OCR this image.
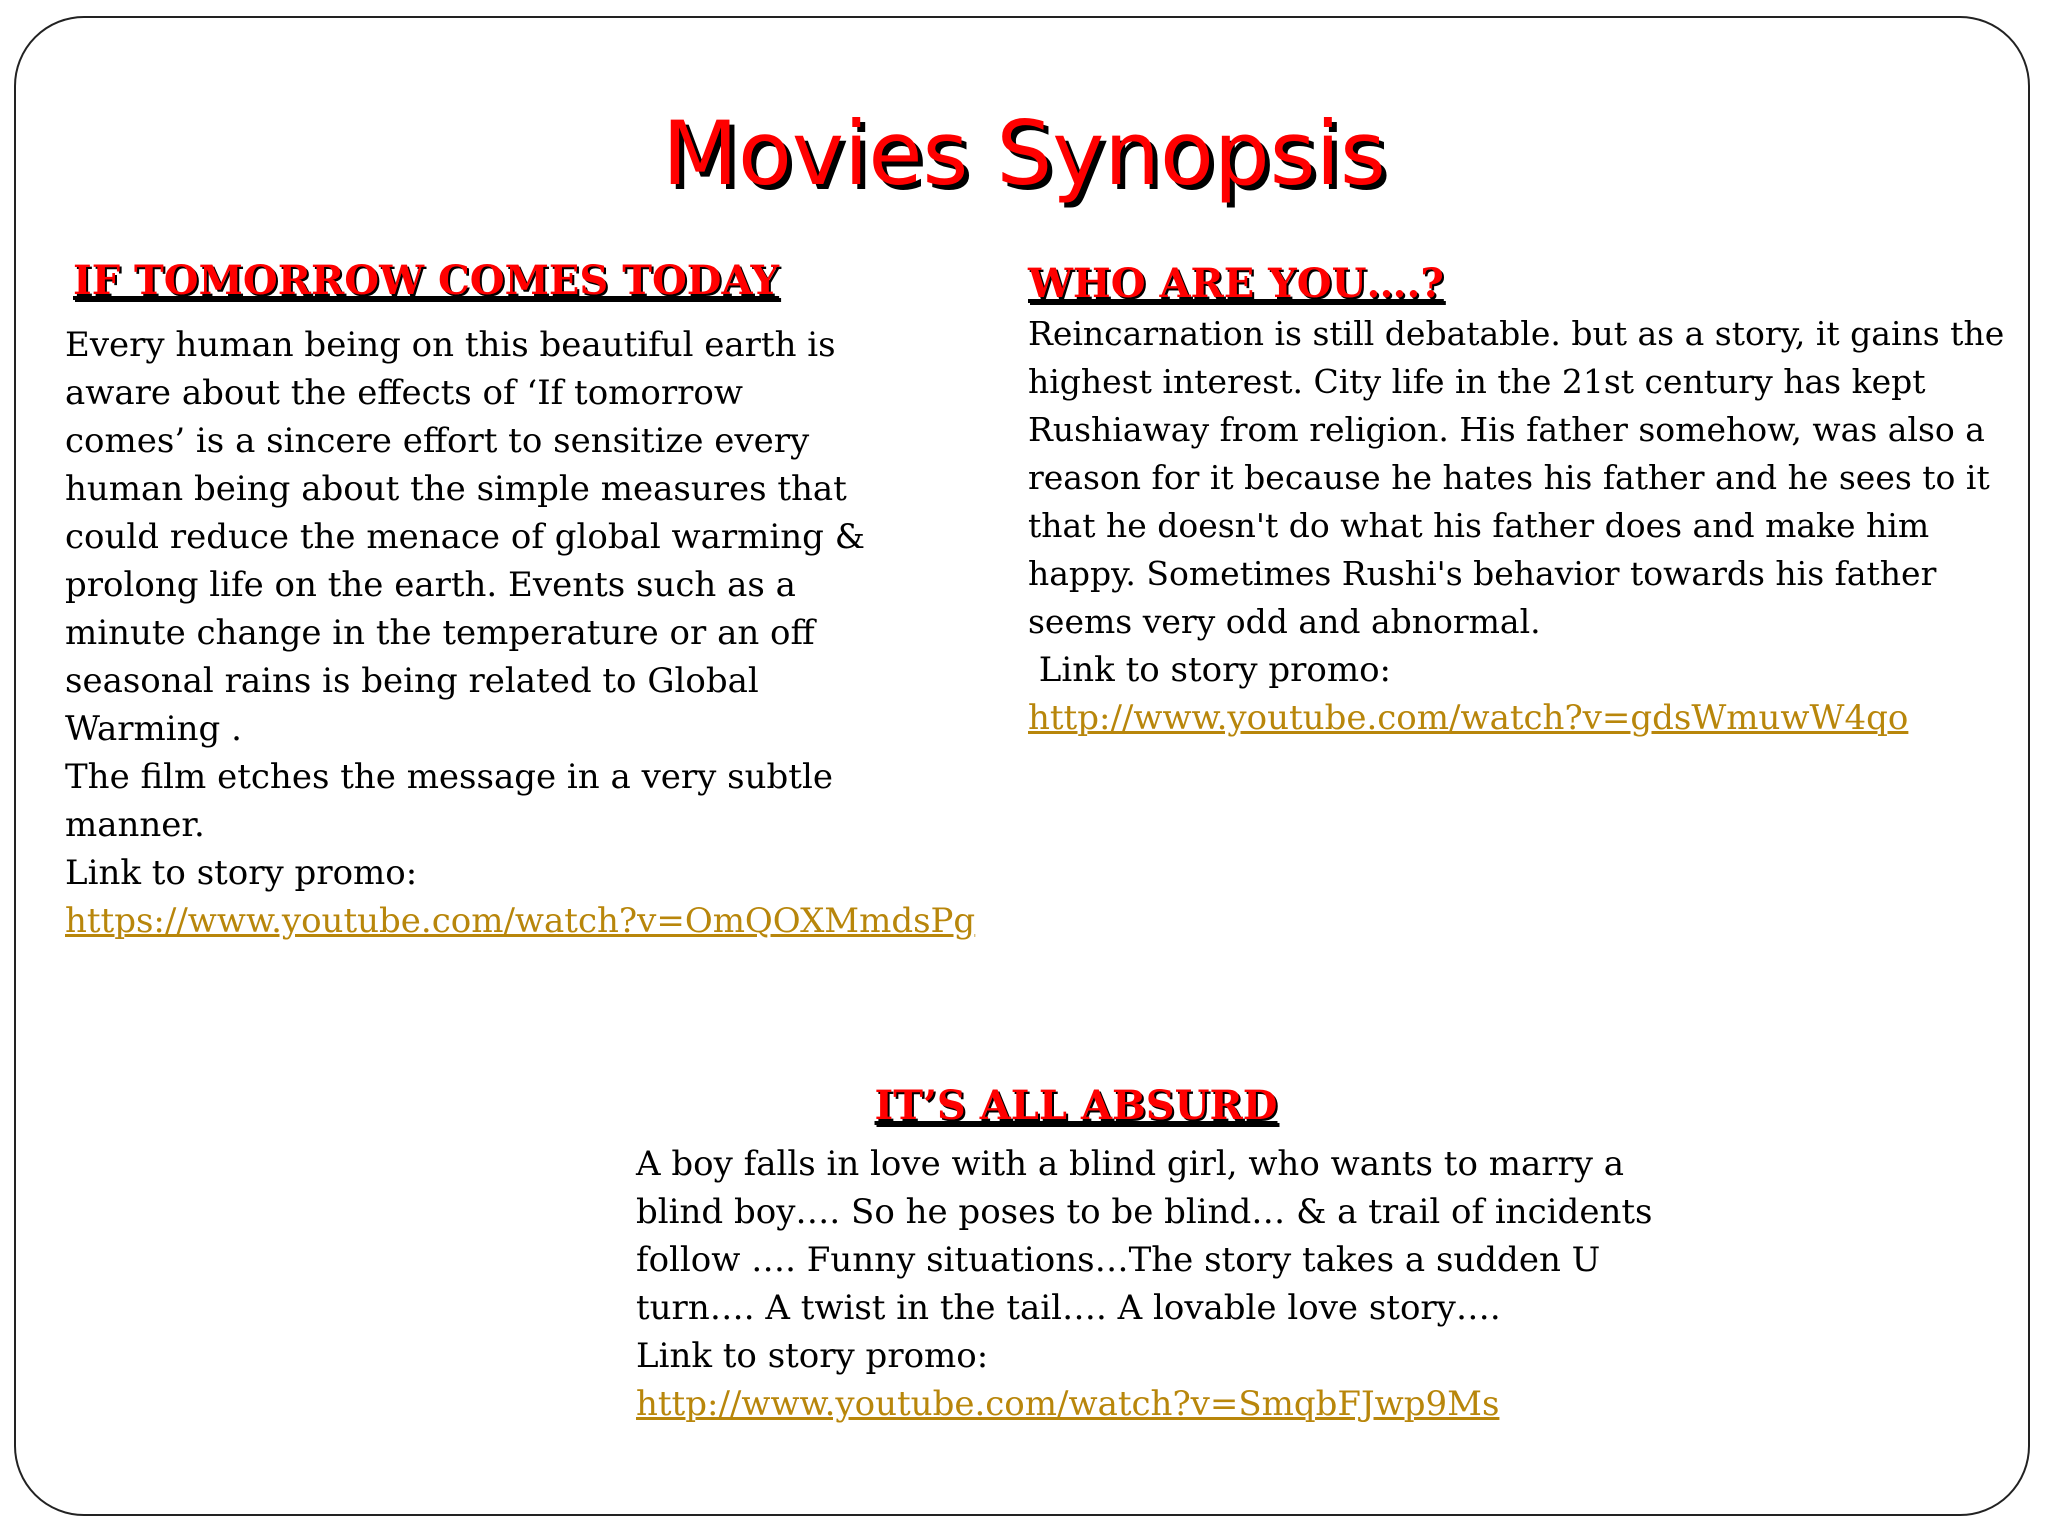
Movies Synopsis
IF TOMORROW COMES TODAY
Every human being on this beautiful earth is
aware about the effects of ‘If tomorrow
comes’ is a sincere effort to sensitize every
human being about the simple measures that
could reduce the menace of global warming &
prolong life on the earth. Events such as a
minute change in the temperature or an off
seasonal rains is being related to Global
Warming .
The film etches the message in a very subtle
manner.
Link to story promo:
https://www.youtube.com/watch?v=OmQOXMmdsPg
WHO ARE YOU….?
Reincarnation is still debatable. but as a story, it gains the
highest interest. City life in the 21st century has kept
Rushiaway from religion. His father somehow, was also a
reason for it because he hates his father and he sees to it
that he doesn't do what his father does and make him
happy. Sometimes Rushi's behavior towards his father
seems very odd and abnormal.
Link to story promo:
http://www.youtube.com/watch?v=gdsWmuwW4qo
IT’S ALL ABSURD
A boy falls in love with a blind girl, who wants to marry a
blind boy…. So he poses to be blind… & a trail of incidents
follow …. Funny situations…The story takes a sudden U
turn…. A twist in the tail…. A lovable love story….
Link to story promo:
http://www.youtube.com/watch?v=SmqbFJwp9Ms
